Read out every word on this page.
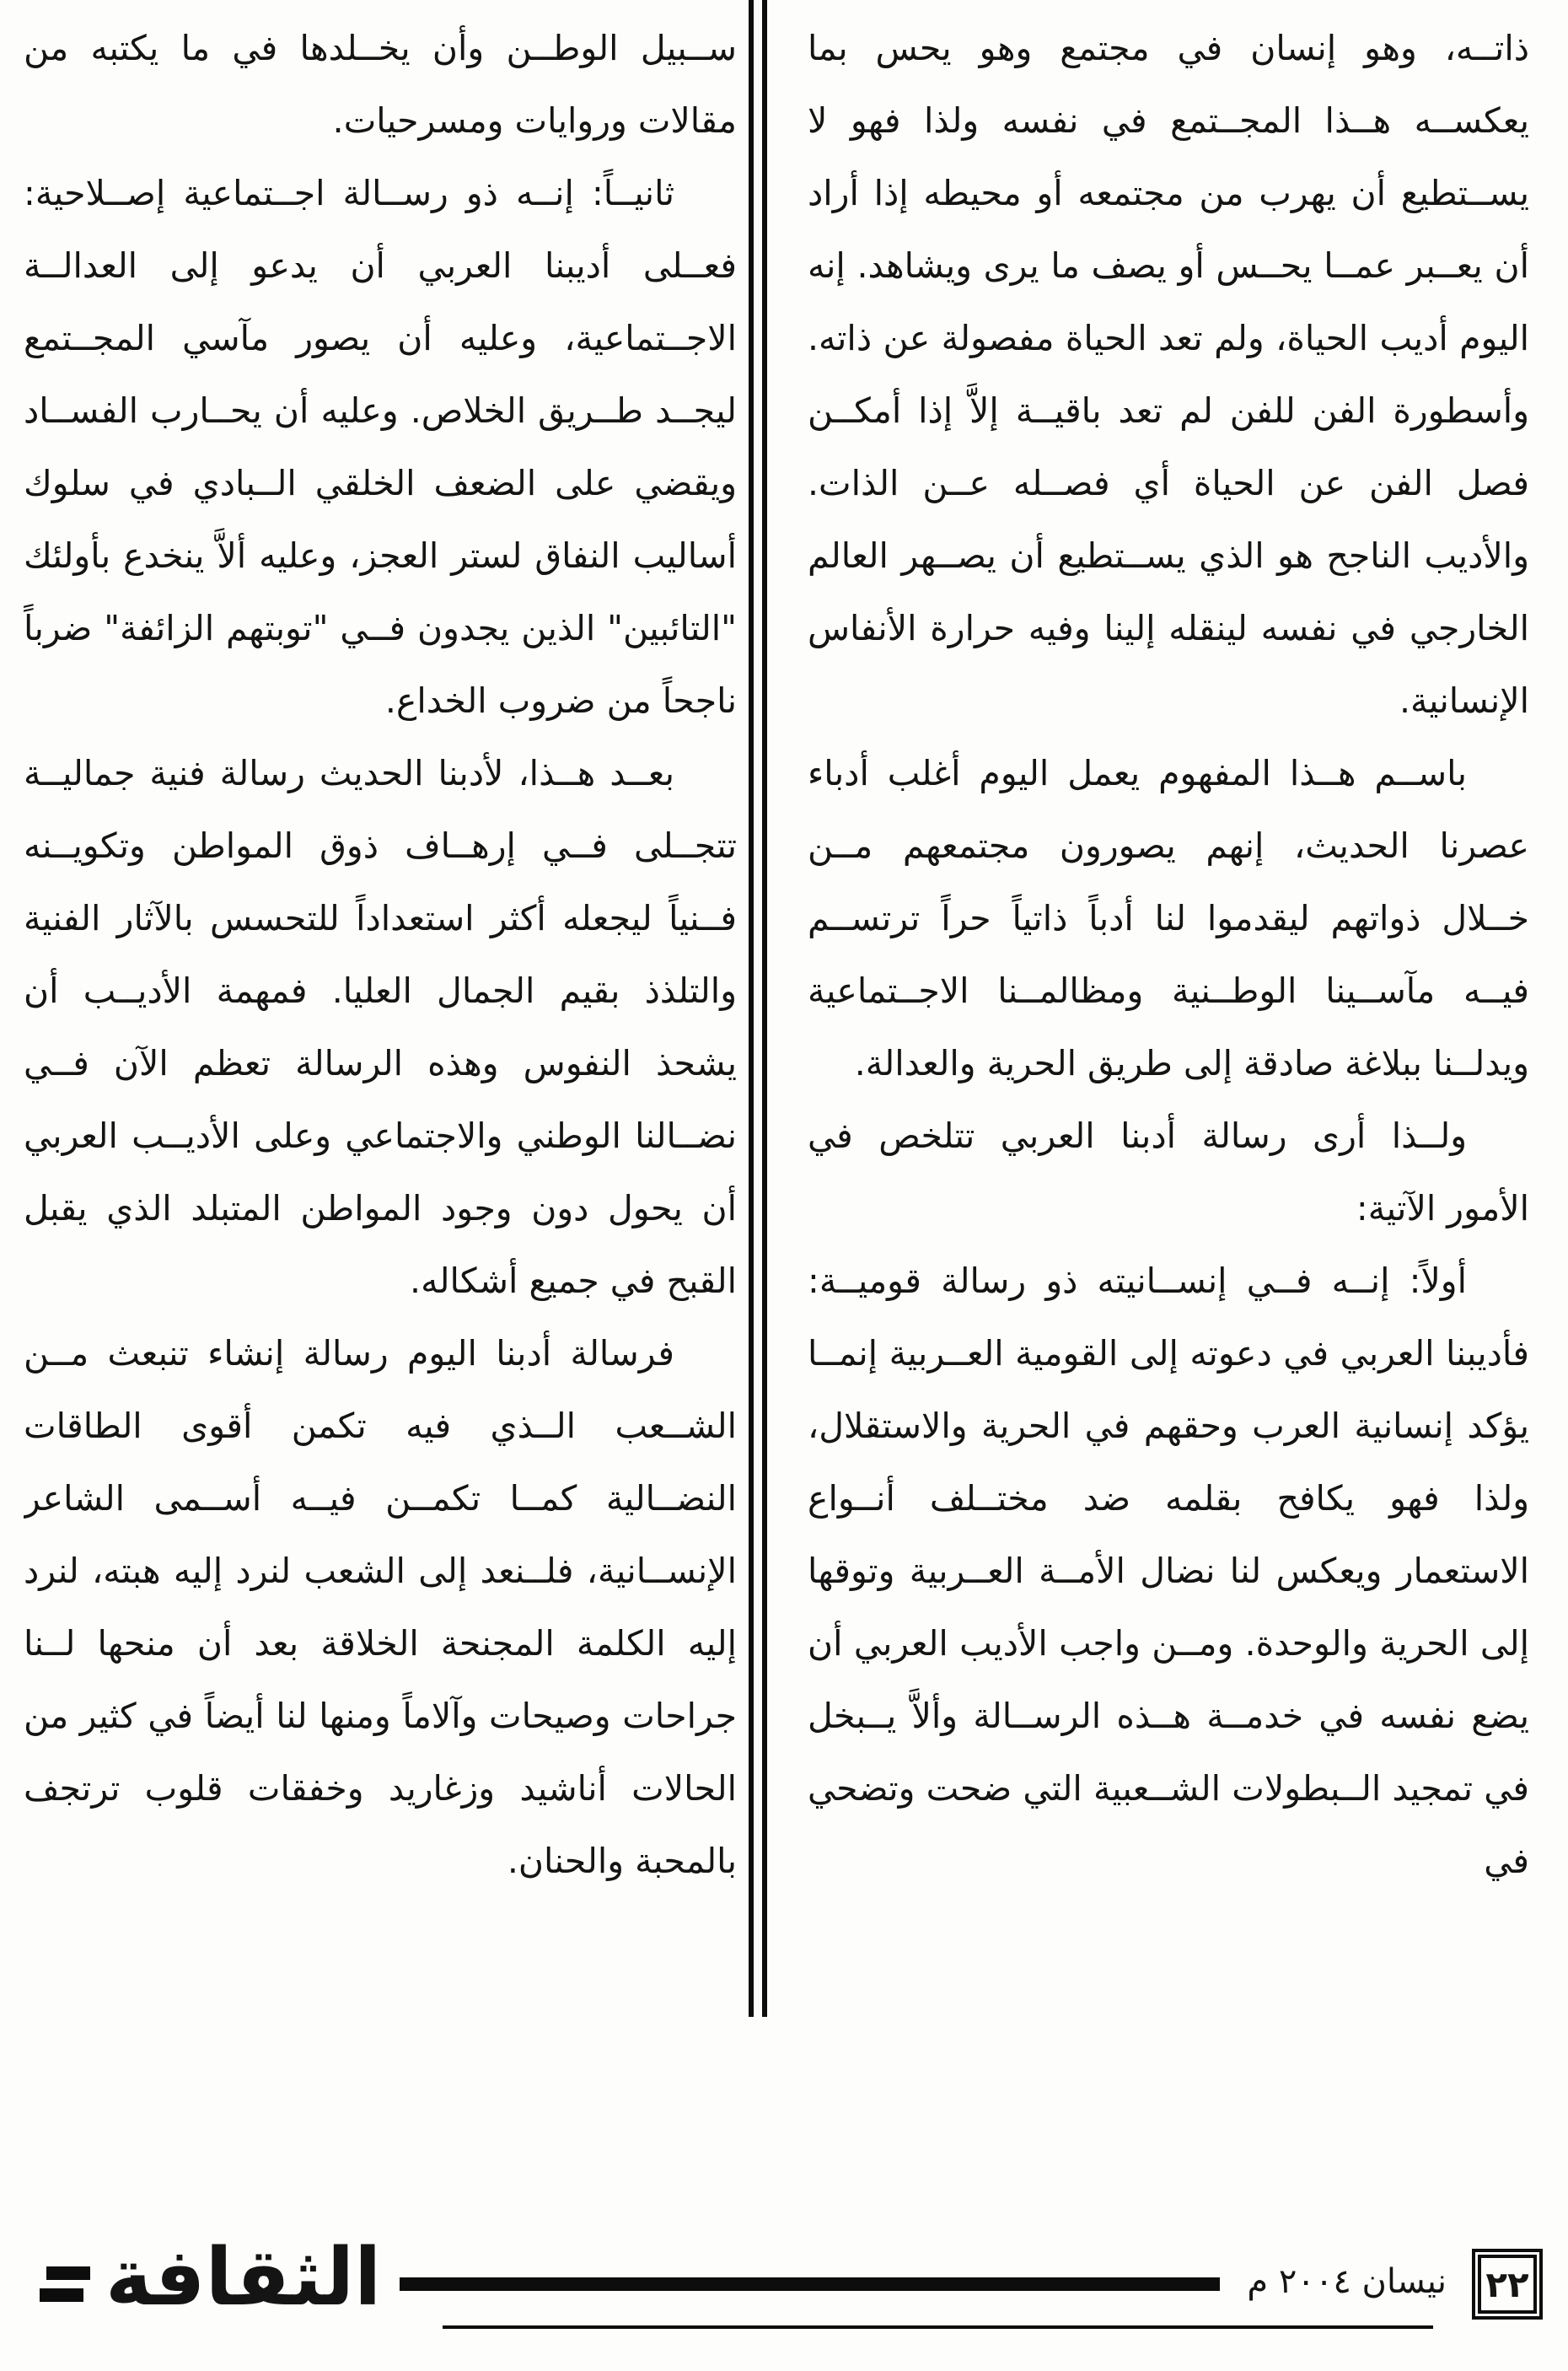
ذاتــه، وهو إنسان في مجتمع وهو يحس بما يعكســه هــذا المجــتمع في نفسه ولذا فهو لا يســتطيع أن يهرب من مجتمعه أو محيطه إذا أراد أن يعــبر عمــا يحــس أو يصف ما يرى ويشاهد. إنه اليوم أديب الحياة، ولم تعد الحياة مفصولة عن ذاته. وأسطورة الفن للفن لم تعد باقيــة إلاَّ إذا أمكــن فصل الفن عن الحياة أي فصــله عــن الذات. والأديب الناجح هو الذي يســتطيع أن يصــهر العالم الخارجي في نفسه لينقله إلينا وفيه حرارة الأنفاس الإنسانية.

باســم هــذا المفهوم يعمل اليوم أغلب أدباء عصرنا الحديث، إنهم يصورون مجتمعهم مــن خــلال ذواتهم ليقدموا لنا أدباً ذاتياً حراً ترتســم فيــه مآســينا الوطــنية ومظالمــنا الاجــتماعية ويدلــنا ببلاغة صادقة إلى طريق الحرية والعدالة.

ولــذا أرى رسالة أدبنا العربي تتلخص في الأمور الآتية:

أولاً: إنــه فــي إنســانيته ذو رسالة قوميــة: فأديبنا العربي في دعوته إلى القومية العــربية إنمــا يؤكد إنسانية العرب وحقهم في الحرية والاستقلال، ولذا فهو يكافح بقلمه ضد مختــلف أنــواع الاستعمار ويعكس لنا نضال الأمــة العــربية وتوقها إلى الحرية والوحدة. ومــن واجب الأديب العربي أن يضع نفسه في خدمــة هــذه الرســالة وألاَّ يــبخل في تمجيد الــبطولات الشــعبية التي ضحت وتضحي في

ســبيل الوطــن وأن يخــلدها في ما يكتبه من مقالات وروايات ومسرحيات.

ثانيــاً: إنــه ذو رســالة اجــتماعية إصــلاحية: فعــلى أديبنا العربي أن يدعو إلى العدالــة الاجــتماعية، وعليه أن يصور مآسي المجــتمع ليجــد طــريق الخلاص. وعليه أن يحــارب الفســاد ويقضي على الضعف الخلقي الــبادي في سلوك أساليب النفاق لستر العجز، وعليه ألاَّ ينخدع بأولئك "التائبين" الذين يجدون فــي "توبتهم الزائفة" ضرباً ناجحاً من ضروب الخداع.

بعــد هــذا، لأدبنا الحديث رسالة فنية جماليــة تتجــلى فــي إرهــاف ذوق المواطن وتكويــنه فــنياً ليجعله أكثر استعداداً للتحسس بالآثار الفنية والتلذذ بقيم الجمال العليا. فمهمة الأديــب أن يشحذ النفوس وهذه الرسالة تعظم الآن فــي نضــالنا الوطني والاجتماعي وعلى الأديــب العربي أن يحول دون وجود المواطن المتبلد الذي يقبل القبح في جميع أشكاله.

فرسالة أدبنا اليوم رسالة إنشاء تنبعث مــن الشــعب الــذي فيه تكمن أقوى الطاقات النضــالية كمــا تكمــن فيــه أســمى الشاعر الإنســانية، فلــنعد إلى الشعب لنرد إليه هبته، لنرد إليه الكلمة المجنحة الخلاقة بعد أن منحها لــنا جراحات وصيحات وآلاماً ومنها لنا أيضاً في كثير من الحالات أناشيد وزغاريد وخفقات قلوب ترتجف بالمحبة والحنان.

الثقافة	نيسان ٢٠٠٤ م ٢٢
